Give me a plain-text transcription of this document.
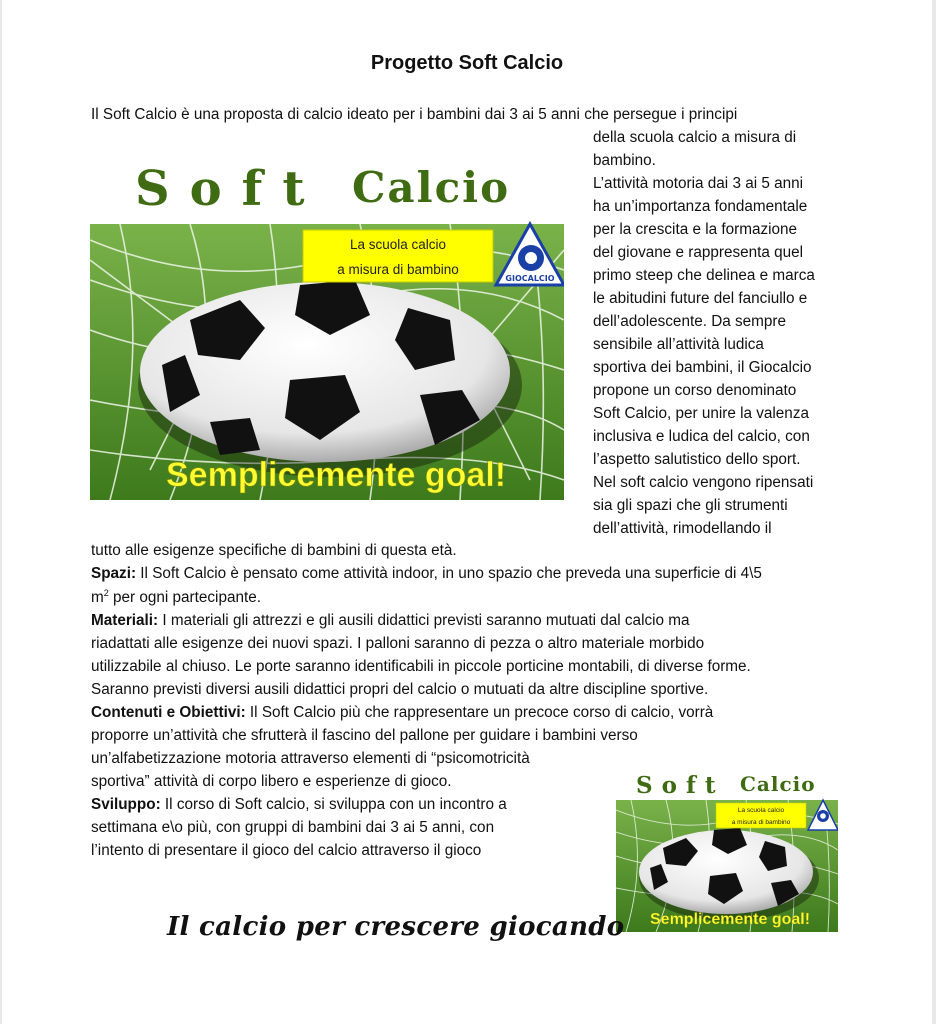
Progetto Soft Calcio
Il Soft Calcio è una proposta di calcio ideato per i bambini dai 3 ai 5 anni che persegue i principi
della scuola calcio a misura di
bambino.
L’attività motoria dai 3 ai 5 anni
ha un’importanza fondamentale
per la crescita e la formazione
del giovane e rappresenta quel
primo steep che delinea e marca
le abitudini future del fanciullo e
dell’adolescente. Da sempre
sensibile all’attività ludica
sportiva dei bambini, il Giocalcio
propone un corso denominato
Soft Calcio, per unire la valenza
inclusiva e ludica del calcio, con
l’aspetto salutistico dello sport.
Nel soft calcio vengono ripensati
sia gli spazi che gli strumenti
dell’attività, rimodellando il
La scuola calcio
a misura di bambino
GIOCALCIO
Soft Calcio
Semplicemente goal!
tutto alle esigenze specifiche di bambini di questa età.
Spazi: Il Soft Calcio è pensato come attività indoor, in uno spazio che preveda una superficie di 4\5
$m^2$ per ogni partecipante.
Materiali: I materiali gli attrezzi e gli ausili didattici previsti saranno mutuati dal calcio ma
riadattati alle esigenze dei nuovi spazi. I palloni saranno di pezza o altro materiale morbido
utilizzabile al chiuso. Le porte saranno identificabili in piccole porticine montabili, di diverse forme.
Saranno previsti diversi ausili didattici propri del calcio o mutuati da altre discipline sportive.
Contenuti e Obiettivi: Il Soft Calcio più che rappresentare un precoce corso di calcio, vorrà
proporre un’attività che sfrutterà il fascino del pallone per guidare i bambini verso
un’alfabetizzazione motoria attraverso elementi di “psicomotricità
sportiva” attività di corpo libero e esperienze di gioco.
Sviluppo: Il corso di Soft calcio, si sviluppa con un incontro a
settimana e\o più, con gruppi di bambini dai 3 ai 5 anni, con
l’intento di presentare il gioco del calcio attraverso il gioco
La scuola calcio
a misura di bambino
Soft Calcio
Semplicemente goal!
Il calcio per crescere giocando
